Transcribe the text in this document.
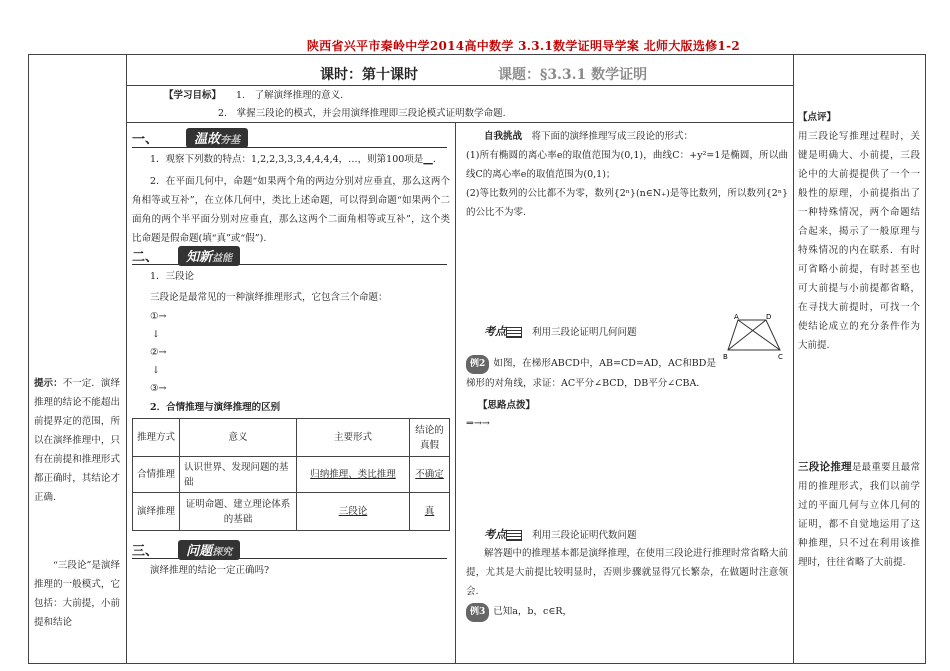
陕西省兴平市秦岭中学2014高中数学 3.3.1数学证明导学案 北师大版选修1-2
提示：不一定．演绎推理的结论不能超出前提界定的范围，所以在演绎推理中，只有在前提和推理形式都正确时，其结论才正确.
“三段论”是演绎推理的一般模式，它包括：大前提，小前提和结论
课时：第十课时	课题：§3.3.1 数学证明
【学习目标】 1.　了解演绎推理的意义.
2.　掌握三段论的模式，并会用演绎推理即三段论模式证明数学命题.
一、	温故夯基
1．观察下列数的特点：1,2,2,3,3,3,4,4,4,4，…，则第100项是__.
2．在平面几何中，命题“如果两个角的两边分别对应垂直，那么这两个角相等或互补”，在立体几何中，类比上述命题，可以得到命题“如果两个二面角的两个半平面分别对应垂直，那么这两个二面角相等或互补”，这个类比命题是假命题(填“真”或“假”).
二、 知新益能
1．三段论
三段论是最常见的一种演绎推理形式，它包含三个命题：
①→
↓
②→
↓
③→
2．合情推理与演绎推理的区别
推理方式	意义	主要形式	结论的真假
合情推理	认识世界、发现问题的基础	归纳推理、类比推理	不确定
演绎推理	证明命题、建立理论体系的基础	三段论	真
三、 问题探究
演绎推理的结论一定正确吗?
自我挑战　 将下面的演绎推理写成三段论的形式：
(1)所有椭圆的离心率e的取值范围为(0,1)，曲线C：+y²=1是椭圆，所以曲线C的离心率e的取值范围为(0,1)；
(2)等比数列的公比都不为零，数列{2ⁿ}(n∈N₊)是等比数列，所以数列{2ⁿ}的公比不为零.
考点	利用三段论证明几何问题
A	D
B	C
例2 如图，在梯形ABCD中，AB=CD=AD，AC和BD是梯形的对角线，求证：AC平分∠BCD，DB平分∠CBA.
【思路点拨】
⇒→→
考点	利用三段论证明代数问题
解答题中的推理基本都是演绎推理，在使用三段论进行推理时常省略大前提，尤其是大前提比较明显时，否则步骤就显得冗长繁杂，在做题时注意领会.
例3 已知a，b，c∈R，
【点评】
用三段论写推理过程时，关键是明确大、小前提，三段论中的大前提提供了一个一般性的原理，小前提指出了一种特殊情况，两个命题结合起来，揭示了一般原理与特殊情况的内在联系．有时可省略小前提，有时甚至也可大前提与小前提都省略，在寻找大前提时，可找一个使结论成立的充分条件作为大前提.
三段论推理是最重要且最常用的推理形式，我们以前学过的平面几何与立体几何的证明，都不自觉地运用了这种推理，只不过在利用该推理时，往往省略了大前提.
